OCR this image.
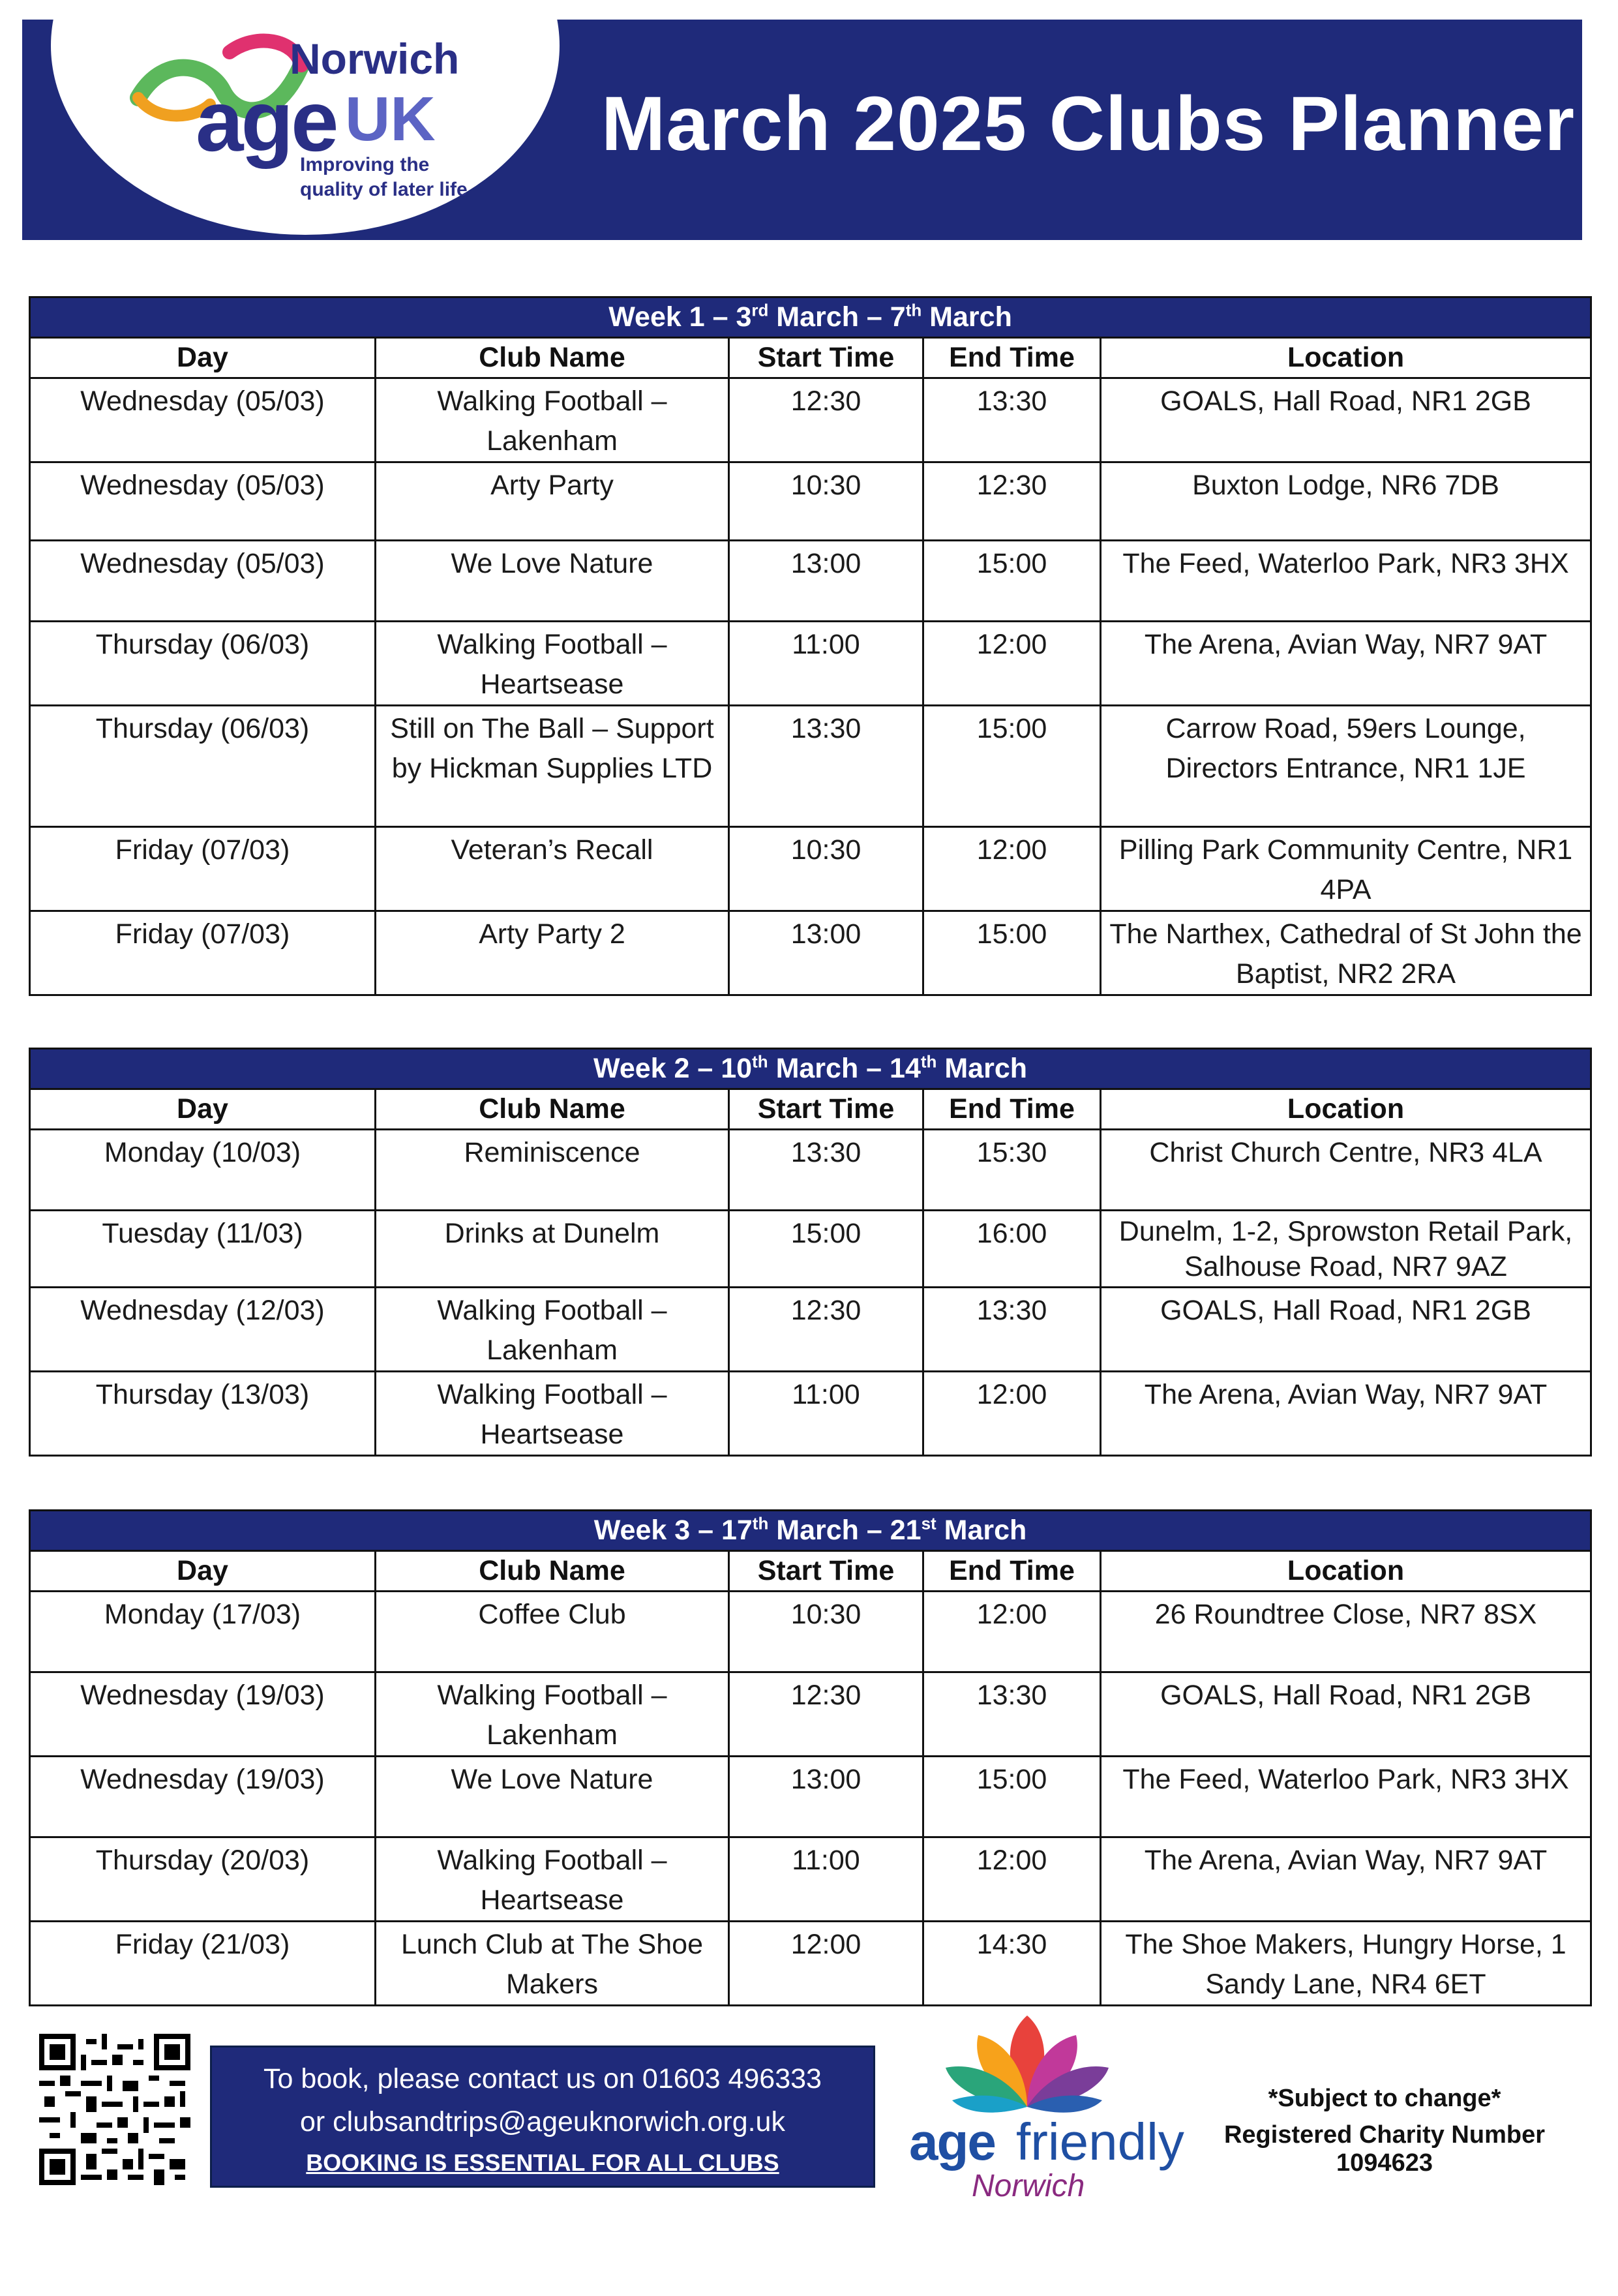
Norwich
age UK
Improving the
quality of later life
March 2025 Clubs Planner
Week 1 – 3rd March – 7th March				
Day	Club Name	Start Time	End Time	Location
Wednesday (05/03)	Walking Football – Lakenham	12:30	13:30	GOALS, Hall Road, NR1 2GB
Wednesday (05/03)	Arty Party	10:30	12:30	Buxton Lodge, NR6 7DB
Wednesday (05/03)	We Love Nature	13:00	15:00	The Feed, Waterloo Park, NR3 3HX
Thursday (06/03)	Walking Football – Heartsease	11:00	12:00	The Arena, Avian Way, NR7 9AT
Thursday (06/03)	Still on The Ball – Support by Hickman Supplies LTD	13:30	15:00	Carrow Road, 59ers Lounge, Directors Entrance, NR1 1JE
Friday (07/03)	Veteran’s Recall	10:30	12:00	Pilling Park Community Centre, NR1 4PA
Friday (07/03)	Arty Party 2	13:00	15:00	The Narthex, Cathedral of St John the Baptist, NR2 2RA
Week 2 – 10th March – 14th March				
Day	Club Name	Start Time	End Time	Location
Monday (10/03)	Reminiscence	13:30	15:30	Christ Church Centre, NR3 4LA
Tuesday (11/03)	Drinks at Dunelm	15:00	16:00	Dunelm, 1-2, Sprowston Retail Park, Salhouse Road, NR7 9AZ
Wednesday (12/03)	Walking Football – Lakenham	12:30	13:30	GOALS, Hall Road, NR1 2GB
Thursday (13/03)	Walking Football – Heartsease	11:00	12:00	The Arena, Avian Way, NR7 9AT
Week 3 – 17th March – 21st March				
Day	Club Name	Start Time	End Time	Location
Monday (17/03)	Coffee Club	10:30	12:00	26 Roundtree Close, NR7 8SX
Wednesday (19/03)	Walking Football – Lakenham	12:30	13:30	GOALS, Hall Road, NR1 2GB
Wednesday (19/03)	We Love Nature	13:00	15:00	The Feed, Waterloo Park, NR3 3HX
Thursday (20/03)	Walking Football – Heartsease	11:00	12:00	The Arena, Avian Way, NR7 9AT
Friday (21/03)	Lunch Club at The Shoe Makers	12:00	14:30	The Shoe Makers, Hungry Horse, 1 Sandy Lane, NR4 6ET
To book, please contact us on 01603 496333
or clubsandtrips@ageuknorwich.org.uk
BOOKING IS ESSENTIAL FOR ALL CLUBS	age friendly
Norwich
*Subject to change*
Registered Charity Number 1094623
